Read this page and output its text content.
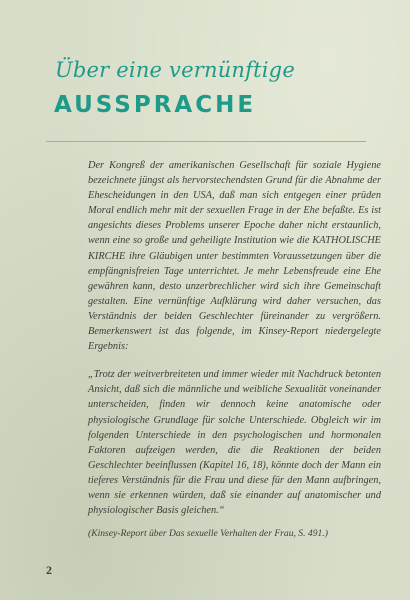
Über eine vernünftige
AUSSPRACHE

Der Kongreß der amerikanischen Gesellschaft für soziale Hygiene bezeichnete jüngst als hervorstechendsten Grund für die Abnahme der Ehescheidungen in den USA, daß man sich entgegen einer prüden Moral endlich mehr mit der sexuellen Frage in der Ehe befaßte. Es ist angesichts dieses Problems unserer Epoche daher nicht erstaunlich, wenn eine so große und geheiligte Institution wie die KATHOLISCHE KIRCHE ihre Gläubigen unter bestimmten Voraussetzungen über die empfängnisfreien Tage unterrichtet. Je mehr Lebensfreude eine Ehe gewähren kann, desto unzerbrechlicher wird sich ihre Gemeinschaft gestalten. Eine vernünftige Aufklärung wird daher versuchen, das Verständnis der beiden Geschlechter füreinander zu vergrößern. Bemerkenswert ist das folgende, im Kinsey-Report niedergelegte Ergebnis:

„Trotz der weitverbreiteten und immer wieder mit Nachdruck betonten Ansicht, daß sich die männliche und weibliche Sexualität voneinander unterscheiden, finden wir dennoch keine anatomische oder physiologische Grundlage für solche Unterschiede. Obgleich wir im folgenden Unterschiede in den psychologischen und hormonalen Faktoren aufzeigen werden, die die Reaktionen der beiden Geschlechter beeinflussen (Kapitel 16, 18), könnte doch der Mann ein tieferes Verständnis für die Frau und diese für den Mann aufbringen, wenn sie erkennen würden, daß sie einander auf anatomischer und physiologischer Basis gleichen.“

(Kinsey-Report über Das sexuelle Verhalten der Frau, S. 491.)

2
